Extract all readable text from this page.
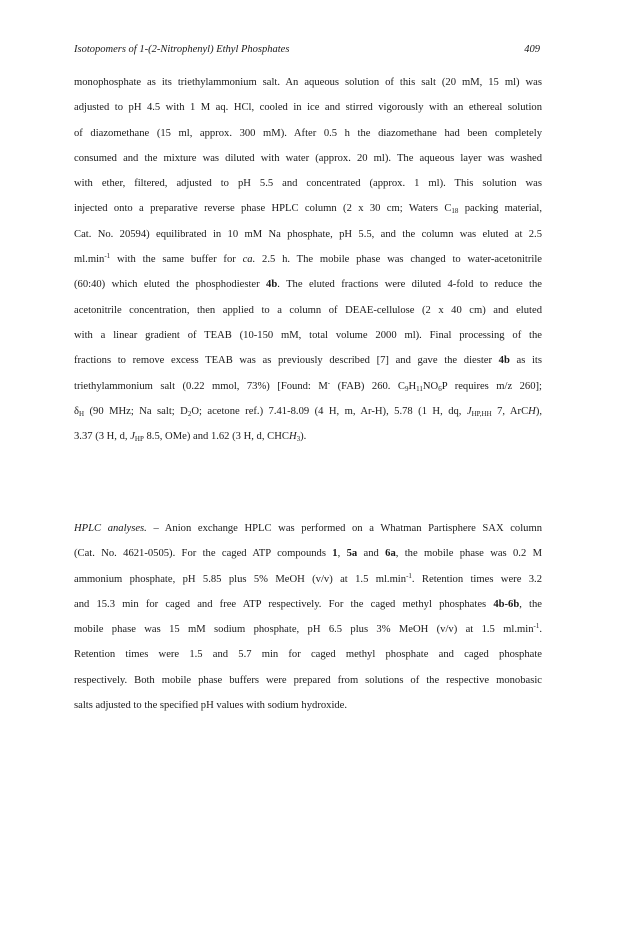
Isotopomers of 1-(2-Nitrophenyl) Ethyl Phosphates	409
monophosphate as its triethylammonium salt. An aqueous solution of this salt (20 mM, 15 ml) was
adjusted to pH 4.5 with 1 M aq. HCl, cooled in ice and stirred vigorously with an ethereal solution
of diazomethane (15 ml, approx. 300 mM). After 0.5 h the diazomethane had been completely
consumed and the mixture was diluted with water (approx. 20 ml). The aqueous layer was washed
with ether, filtered, adjusted to pH 5.5 and concentrated (approx. 1 ml). This solution was
injected onto a preparative reverse phase HPLC column (2 x 30 cm; Waters $C_{18}$ packing material,
Cat. No. 20594) equilibrated in 10 mM Na phosphate, pH 5.5, and the column was eluted at 2.5
$ml.\min^{-1}$ with the same buffer for ca. 2.5 h. The mobile phase was changed to water-acetonitrile
(60:40) which eluted the phosphodiester 4b. The eluted fractions were diluted 4-fold to reduce the
acetonitrile concentration, then applied to a column of DEAE-cellulose (2 x 40 cm) and eluted
with a linear gradient of TEAB (10-150 mM, total volume 2000 ml). Final processing of the
fractions to remove excess TEAB was as previously described [7] and gave the diester 4b as its
triethylammonium salt (0.22 mmol, 73%) [Found: M- (FAB) 260. $C_9H_{11}NO_6P$ requires m/z 260];
$\delta_H$ (90 MHz; Na salt; $D_2O$; acetone ref.) 7.41-8.09 (4 H, m, Ar-H), 5.78 (1 H, dq, $J_{HP,HH}$ 7, ArCH),
3.37 (3 H, d, $J_{HP}$ 8.5, OMe) and 1.62 (3 H, d, $CHCH_3$).
HPLC analyses. – Anion exchange HPLC was performed on a Whatman Partisphere SAX column
(Cat. No. 4621-0505). For the caged ATP compounds 1, 5a and 6a, the mobile phase was 0.2 M
ammonium phosphate, pH 5.85 plus 5% MeOH (v/v) at 1.5 $ml.\min^{-1}$. Retention times were 3.2
and 15.3 min for caged and free ATP respectively. For the caged methyl phosphates 4b-6b, the
mobile phase was 15 mM sodium phosphate, pH 6.5 plus 3% MeOH (v/v) at 1.5 $ml.\min^{-1}$.
Retention times were 1.5 and 5.7 min for caged methyl phosphate and caged phosphate
respectively. Both mobile phase buffers were prepared from solutions of the respective monobasic
salts adjusted to the specified pH values with sodium hydroxide.
